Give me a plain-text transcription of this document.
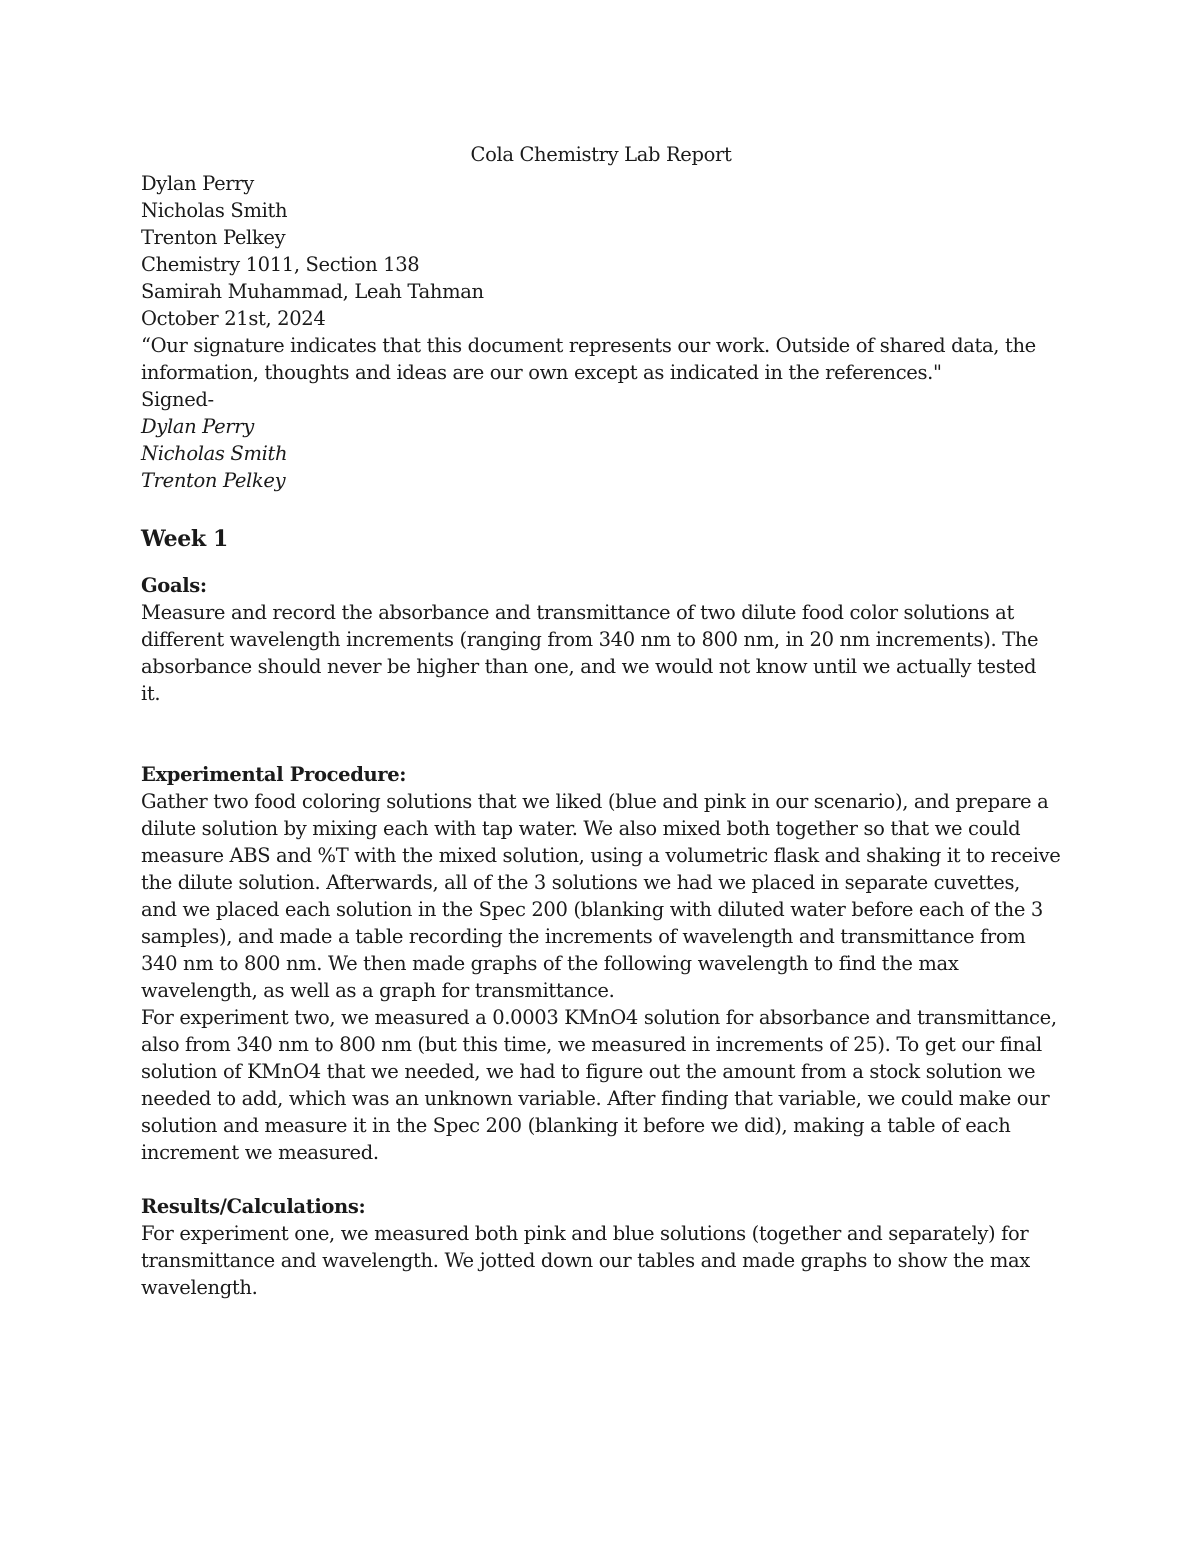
Cola Chemistry Lab Report

Dylan Perry
Nicholas Smith
Trenton Pelkey
Chemistry 1011, Section 138
Samirah Muhammad, Leah Tahman
October 21st, 2024

“Our signature indicates that this document represents our work. Outside of shared data, the information, thoughts and ideas are our own except as indicated in the references."

Signed-
Dylan Perry
Nicholas Smith
Trenton Pelkey

Week 1

Goals:

Measure and record the absorbance and transmittance of two dilute food color solutions at different wavelength increments (ranging from 340 nm to 800 nm, in 20 nm increments). The absorbance should never be higher than one, and we would not know until we actually tested it.

Experimental Procedure:

Gather two food coloring solutions that we liked (blue and pink in our scenario), and prepare a dilute solution by mixing each with tap water. We also mixed both together so that we could measure ABS and %T with the mixed solution, using a volumetric flask and shaking it to receive the dilute solution. Afterwards, all of the 3 solutions we had we placed in separate cuvettes, and we placed each solution in the Spec 200 (blanking with diluted water before each of the 3 samples), and made a table recording the increments of wavelength and transmittance from 340 nm to 800 nm. We then made graphs of the following wavelength to find the max wavelength, as well as a graph for transmittance.

For experiment two, we measured a 0.0003 KMnO4 solution for absorbance and transmittance, also from 340 nm to 800 nm (but this time, we measured in increments of 25). To get our final solution of KMnO4 that we needed, we had to figure out the amount from a stock solution we needed to add, which was an unknown variable. After finding that variable, we could make our solution and measure it in the Spec 200 (blanking it before we did), making a table of each increment we measured.

Results/Calculations:

For experiment one, we measured both pink and blue solutions (together and separately) for transmittance and wavelength. We jotted down our tables and made graphs to show the max wavelength.
